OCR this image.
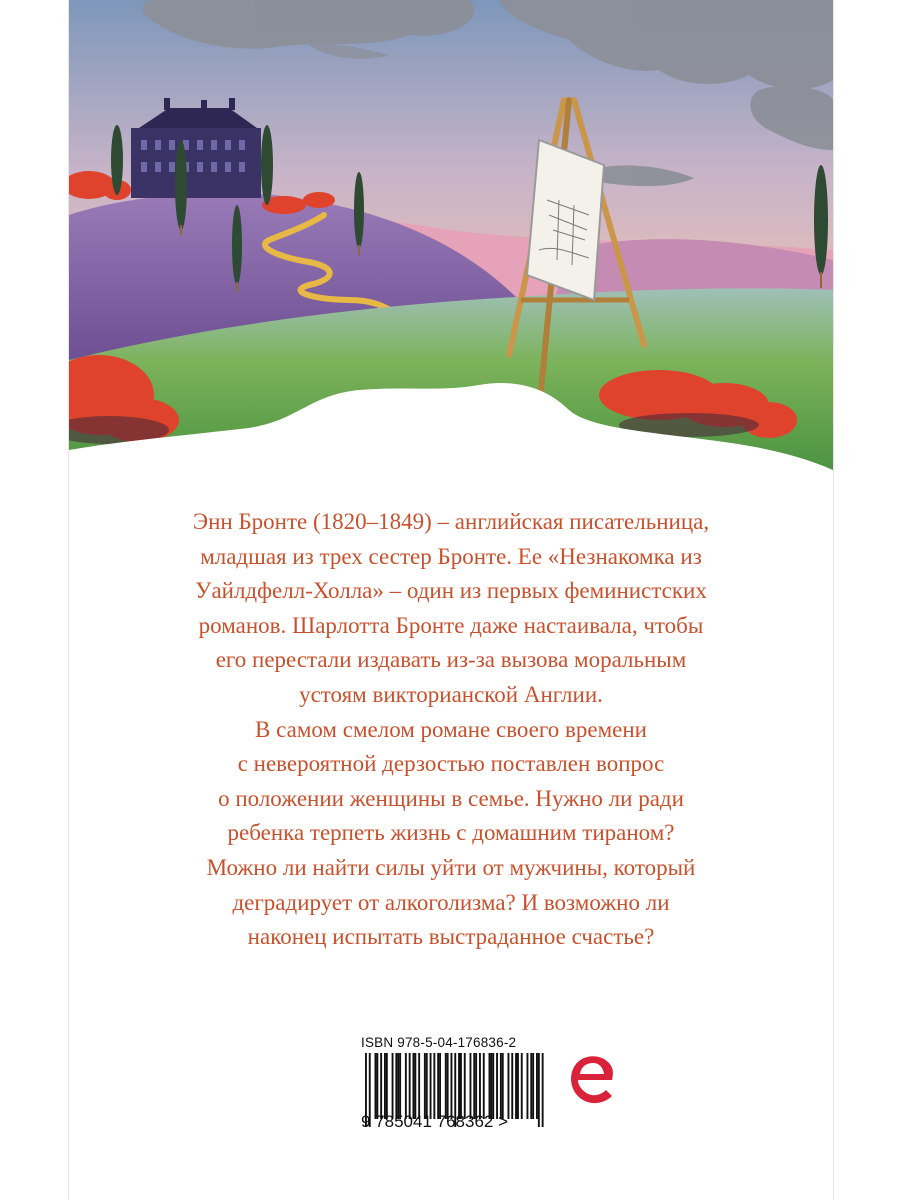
Энн Бронте (1820–1849) – английская писательница,
младшая из трех сестер Бронте. Ее «Незнакомка из
Уайлдфелл-Холла» – один из первых феминистских
романов. Шарлотта Бронте даже настаивала, чтобы
его перестали издавать из-за вызова моральным
устоям викторианской Англии.

В самом смелом романе своего времени
с невероятной дерзостью поставлен вопрос
о положении женщины в семье. Нужно ли ради
ребенка терпеть жизнь с домашним тираном?
Можно ли найти силы уйти от мужчины, который
деградирует от алкоголизма? И возможно ли
наконец испытать выстраданное счастье?

ISBN 978-5-04-176836-2
9 785041 768362 >
